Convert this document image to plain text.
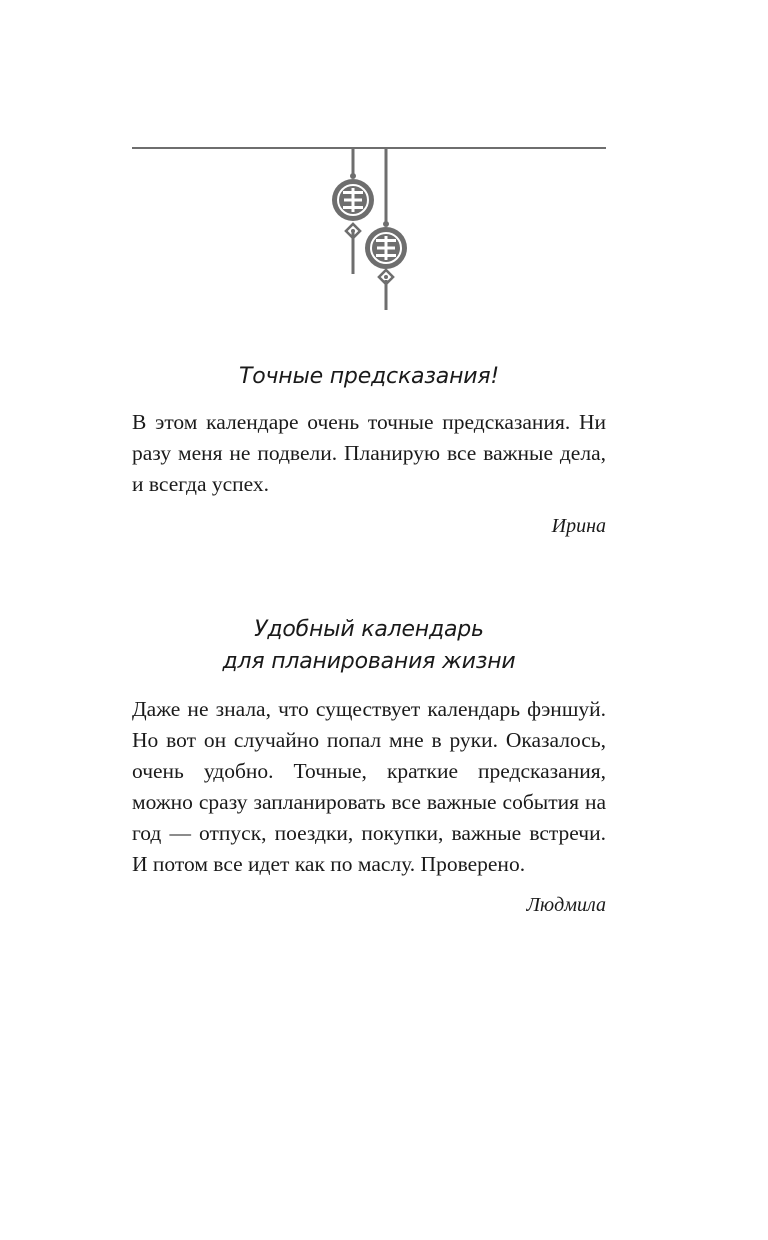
Точные предсказания!

В этом календаре очень точные предсказания. Ни разу меня не подвели. Планирую все важные дела, и всегда успех.

Ирина

Удобный календарь
для планирования жизни

Даже не знала, что существует календарь фэншуй. Но вот он случайно попал мне в руки. Оказалось, очень удобно. Точные, краткие предсказания, можно сразу запланировать все важные события на год — отпуск, поездки, покупки, важные встречи. И потом все идет как по маслу. Проверено.

Людмила
